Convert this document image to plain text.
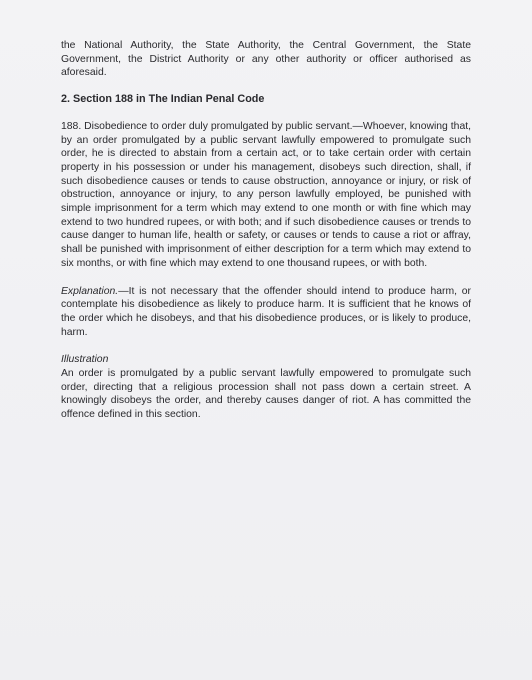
the National Authority, the State Authority, the Central Government, the State Government, the District Authority or any other authority or officer authorised as aforesaid.

2. Section 188 in The Indian Penal Code

188. Disobedience to order duly promulgated by public servant.—Whoever, knowing that, by an order promulgated by a public servant lawfully empowered to promulgate such order, he is directed to abstain from a certain act, or to take certain order with certain property in his possession or under his management, disobeys such direction, shall, if such disobedience causes or tends to cause obstruction, annoyance or injury, or risk of obstruction, annoyance or injury, to any person lawfully employed, be punished with simple imprisonment for a term which may extend to one month or with fine which may extend to two hundred rupees, or with both; and if such disobedience causes or trends to cause danger to human life, health or safety, or causes or tends to cause a riot or affray, shall be punished with imprisonment of either description for a term which may extend to six months, or with fine which may extend to one thousand rupees, or with both.

Explanation.—It is not necessary that the offender should intend to produce harm, or contemplate his disobedience as likely to produce harm. It is sufficient that he knows of the order which he disobeys, and that his disobedience produces, or is likely to produce, harm.

Illustration

An order is promulgated by a public servant lawfully empowered to promulgate such order, directing that a religious procession shall not pass down a certain street. A knowingly disobeys the order, and thereby causes danger of riot. A has committed the offence defined in this section.
